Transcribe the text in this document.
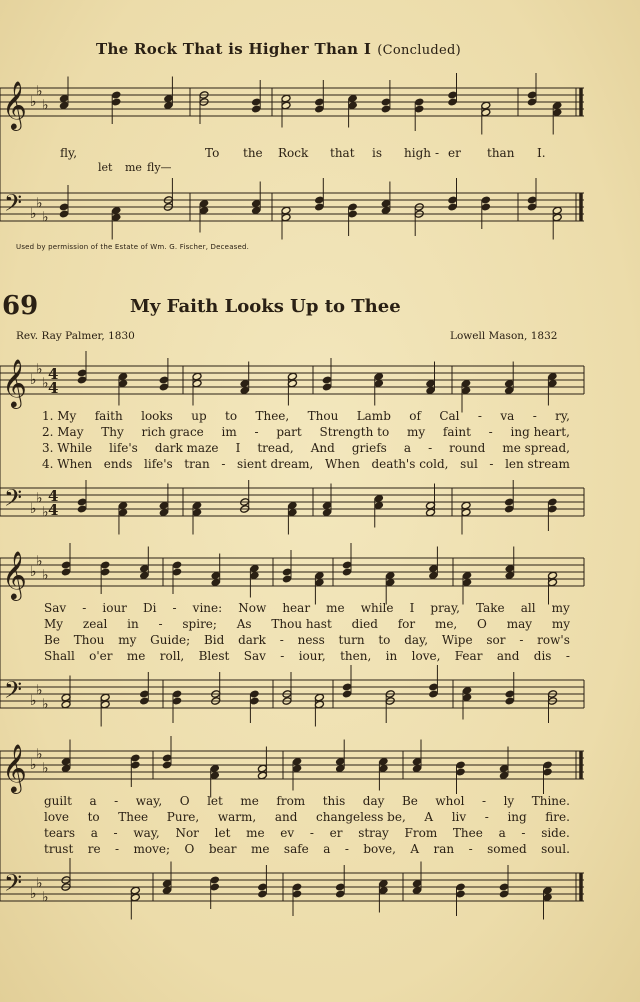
The Rock That is Higher Than I (Concluded)
𝄞 ♭
♭
♭
𝄢 ♭
♭
♭
𝄞 ♭
♭
♭
𝄢 ♭
♭
♭
4
4
4
4
𝄞 ♭
♭
♭
𝄢 ♭
♭
♭
𝄞 ♭
♭
♭
𝄢 ♭
♭
♭
fly,	To the Rock that is high - er than I.
let me fly—
Used by permission of the Estate of Wm. G. Fischer, Deceased.
69	My Faith Looks Up to Thee
Rev. Ray Palmer, 1830	Lowell Mason, 1832
1. My faith looks up to Thee, Thou Lamb of Cal - va - ry,
2. May Thy rich grace im - part Strength to my faint - ing heart,
3. While life's dark maze I tread, And griefs a - round me spread,
4. When ends life's tran - sient dream, When death's cold, sul - len stream
Sav - iour Di - vine: Now hear me while I pray, Take all my
My zeal in - spire; As Thou hast died for me, O may my
Be Thou my Guide; Bid dark - ness turn to day, Wipe sor - row's
Shall o'er me roll, Blest Sav - iour, then, in love, Fear and dis -
guilt a - way, O let me from this day Be whol - ly Thine.
love to Thee Pure, warm, and changeless be, A liv - ing fire.
tears a - way, Nor let me ev - er stray From Thee a - side.
trust re - move; O bear me safe a - bove, A ran - somed soul.
